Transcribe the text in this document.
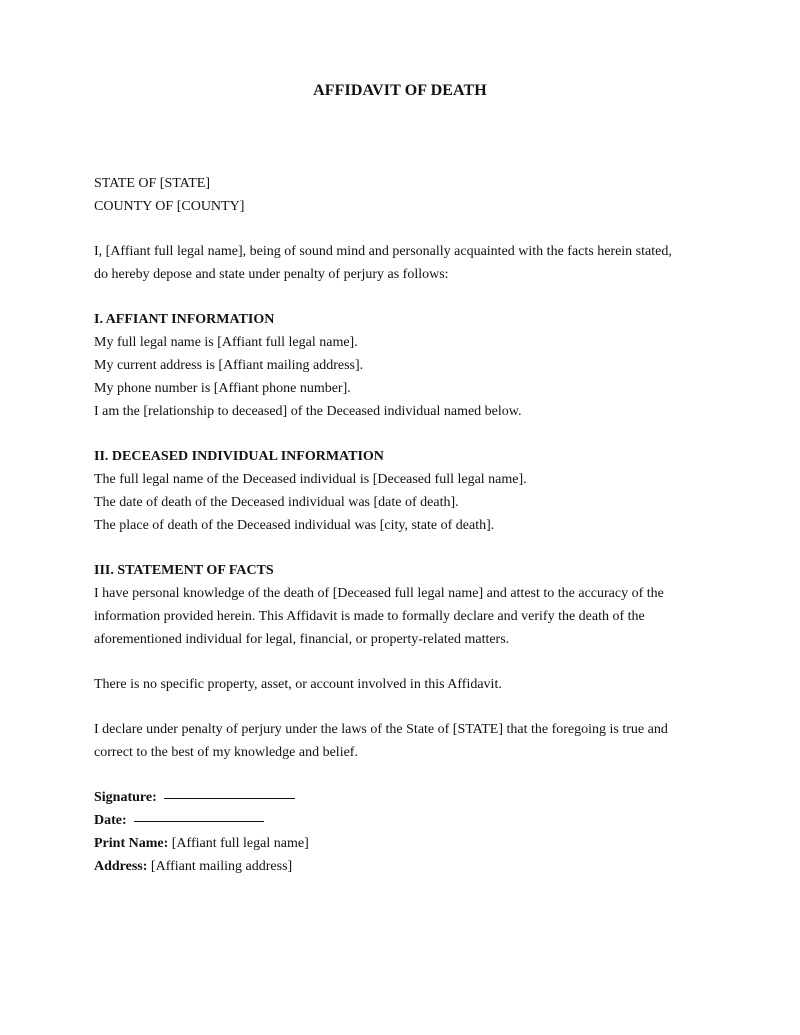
AFFIDAVIT OF DEATH
STATE OF [STATE]
COUNTY OF [COUNTY]
I, [Affiant full legal name], being of sound mind and personally acquainted with the facts herein stated,
do hereby depose and state under penalty of perjury as follows:
I. AFFIANT INFORMATION
My full legal name is [Affiant full legal name].
My current address is [Affiant mailing address].
My phone number is [Affiant phone number].
I am the [relationship to deceased] of the Deceased individual named below.
II. DECEASED INDIVIDUAL INFORMATION
The full legal name of the Deceased individual is [Deceased full legal name].
The date of death of the Deceased individual was [date of death].
The place of death of the Deceased individual was [city, state of death].
III. STATEMENT OF FACTS
I have personal knowledge of the death of [Deceased full legal name] and attest to the accuracy of the
information provided herein. This Affidavit is made to formally declare and verify the death of the
aforementioned individual for legal, financial, or property-related matters.
There is no specific property, asset, or account involved in this Affidavit.
I declare under penalty of perjury under the laws of the State of [STATE] that the foregoing is true and
correct to the best of my knowledge and belief.
Signature:
Date:
Print Name: [Affiant full legal name]
Address: [Affiant mailing address]
